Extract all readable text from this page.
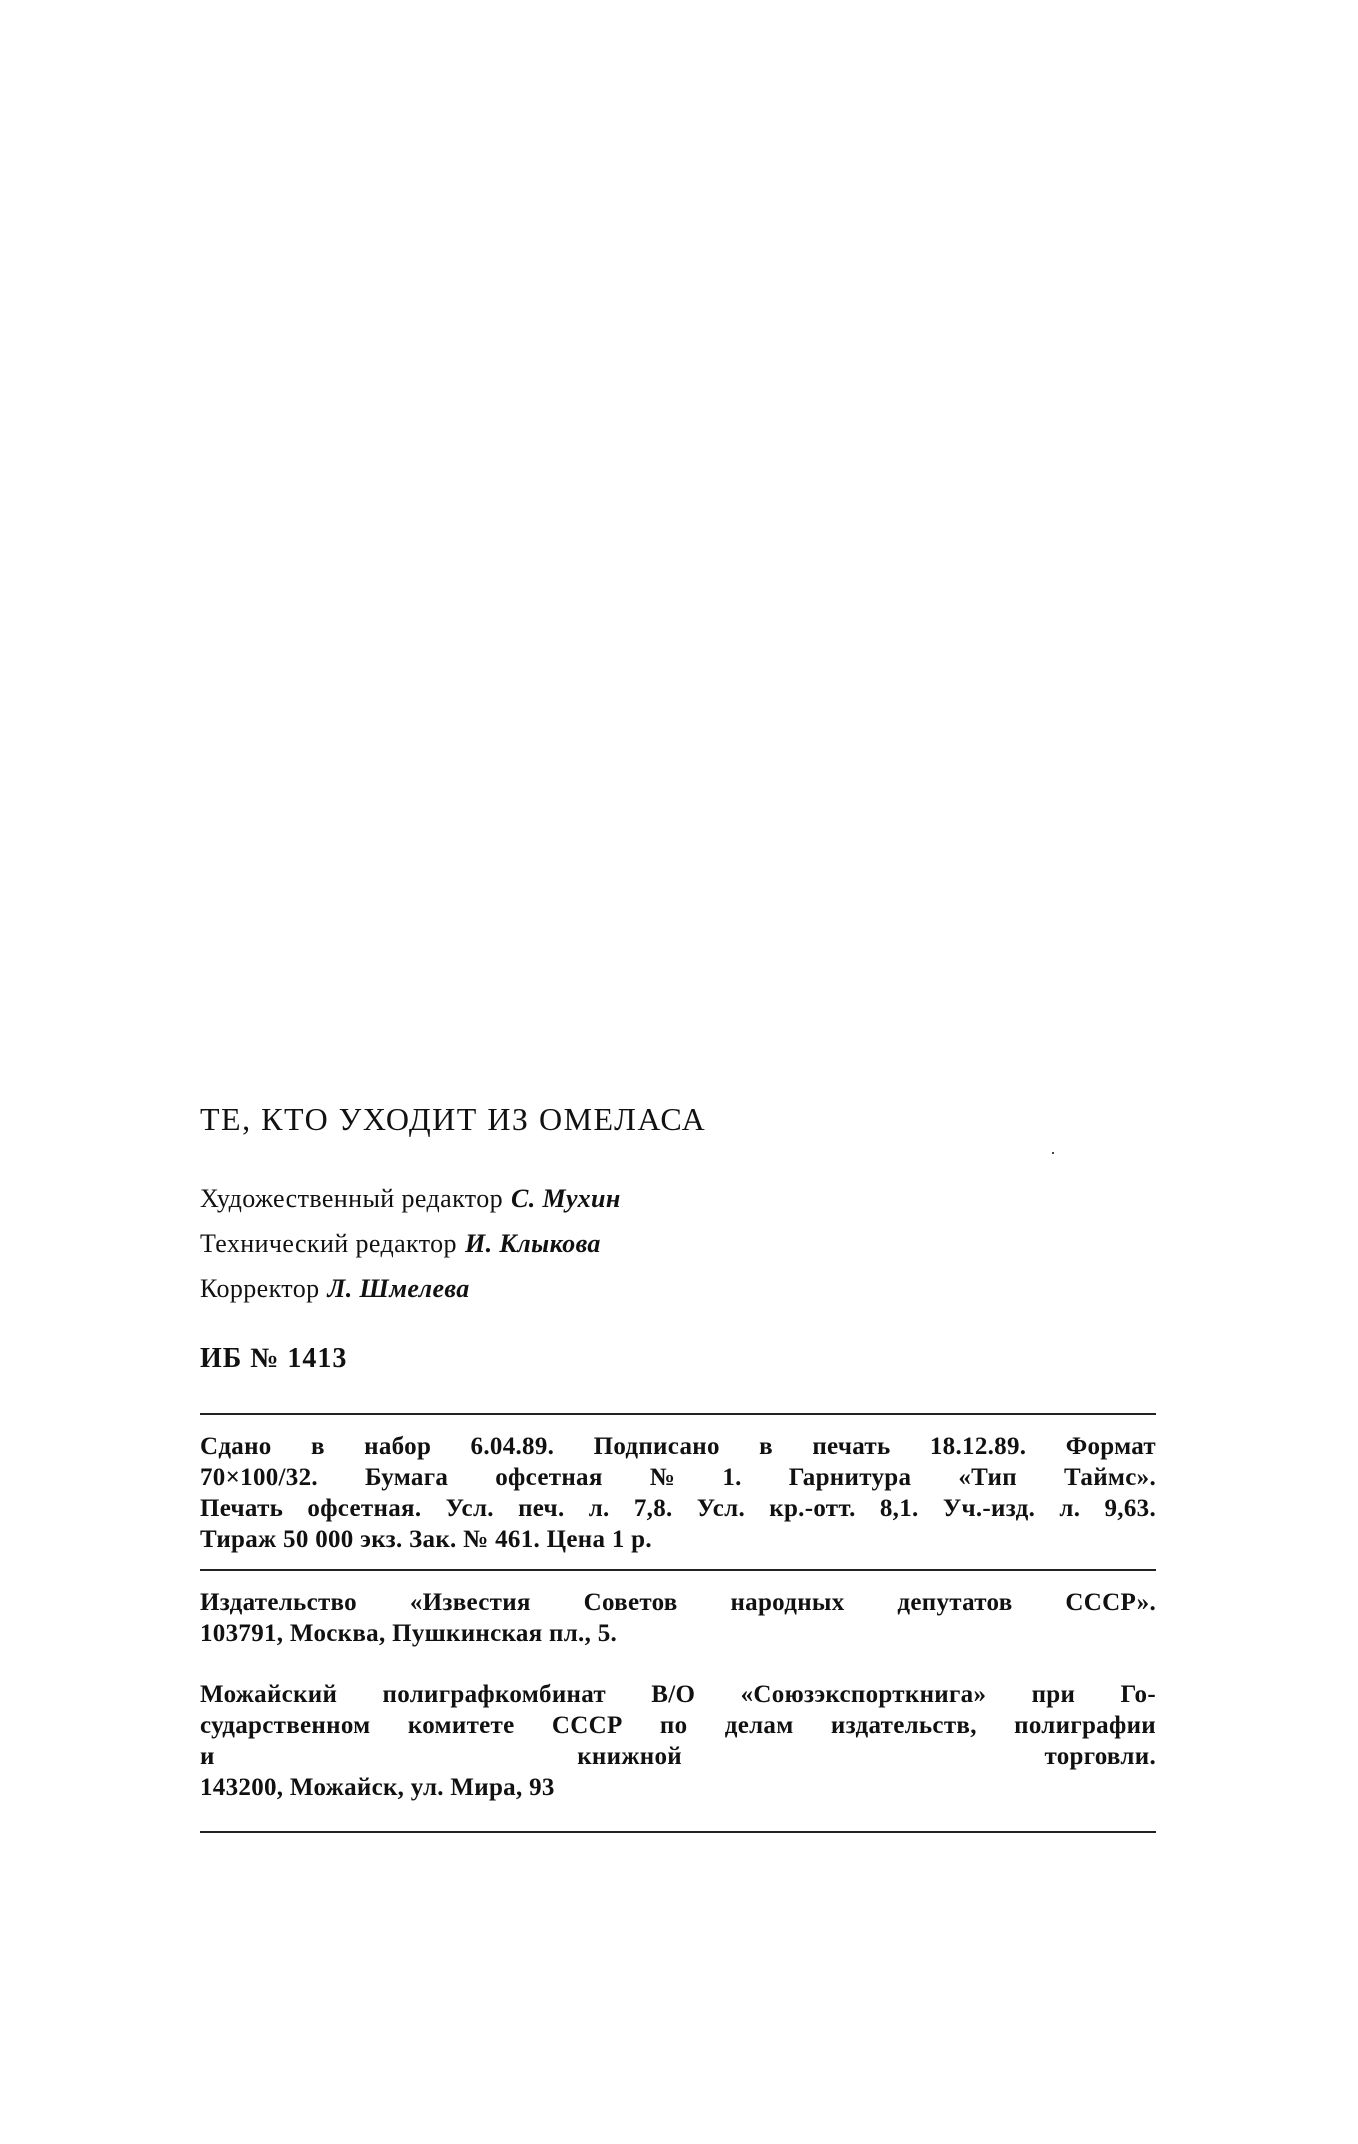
ТЕ, КТО УХОДИТ ИЗ ОМЕЛАСА
Художественный редактор С. Мухин
Технический редактор И. Клыкова
Корректор Л. Шмелева
ИБ № 1413
Сдано в набор 6.04.89. Подписано в печать 18.12.89. Формат
70×100/32. Бумага офсетная № 1. Гарнитура «Тип Таймс».
Печать офсетная. Усл. печ. л. 7,8. Усл. кр.-отт. 8,1. Уч.-изд. л. 9,63.
Тираж 50 000 экз. Зак. № 461. Цена 1 р.
Издательство «Известия Советов народных депутатов СССР».
103791, Москва, Пушкинская пл., 5.
Можайский полиграфкомбинат В/О «Союзэкспорткнига» при Го-
сударственном комитете СССР по делам издательств, полиграфии
и книжной торговли.
143200, Можайск, ул. Мира, 93
